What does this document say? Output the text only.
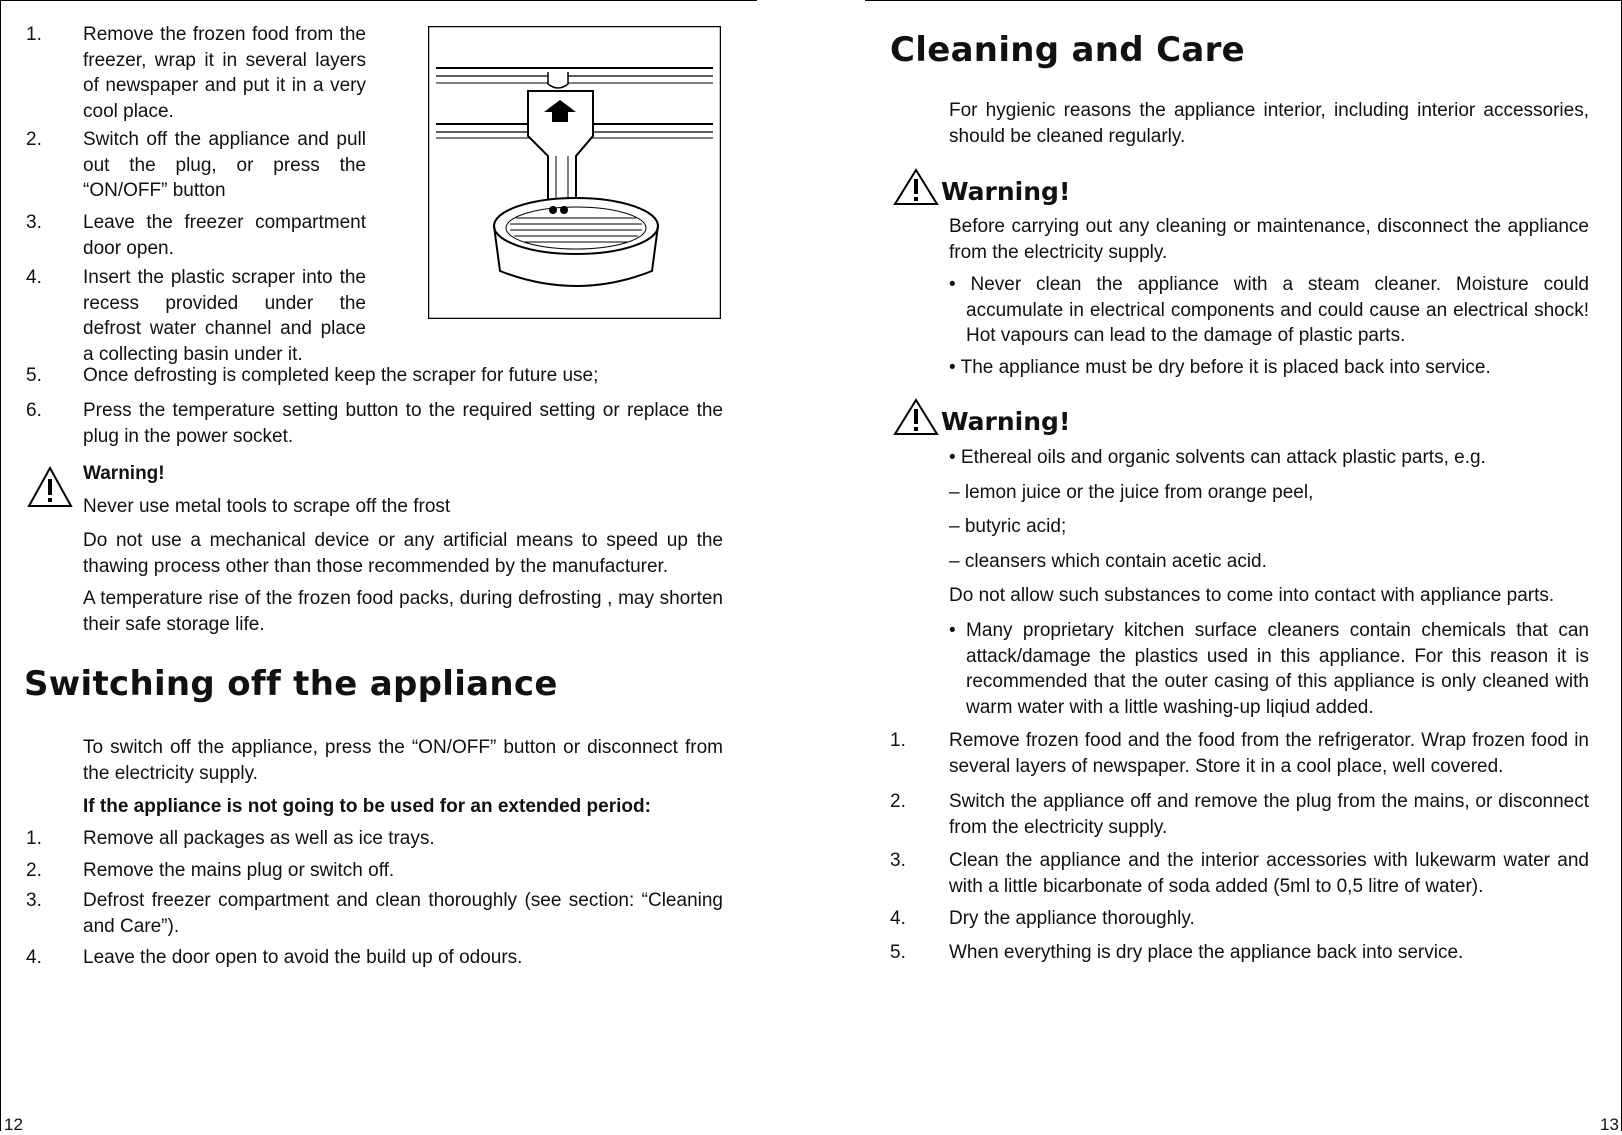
1. Remove the frozen food from the freezer, wrap it in several layers of newspaper and put it in a very cool place.
2. Switch off the appliance and pull out the plug, or press the “ON/OFF” button
3. Leave the freezer compartment door open.
4. Insert the plastic scraper into the recess provided under the defrost water channel and place a collecting basin under it.
5. Once defrosting is completed keep the scraper for future use;
6. Press the temperature setting button to the required setting or replace the plug in the power socket.
Warning!
Never use metal tools to scrape off the frost
Do not use a mechanical device or any artificial means to speed up the thawing process other than those recommended by the manufacturer.
A temperature rise of the frozen food packs, during defrosting , may shorten their safe storage life.
Switching off the appliance
To switch off the appliance, press the “ON/OFF” button or disconnect from the electricity supply.
If the appliance is not going to be used for an extended period:
1. Remove all packages as well as ice trays.
2. Remove the mains plug or switch off.
3. Defrost freezer compartment and clean thoroughly (see section: “Cleaning and Care”).
4. Leave the door open to avoid the build up of odours.
12
Cleaning and Care
For hygienic reasons the appliance interior, including interior accessories, should be cleaned regularly.
Warning!
Before carrying out any cleaning or maintenance, disconnect the appliance from the electricity supply.
• Never clean the appliance with a steam cleaner. Moisture could accumulate in electrical components and could cause an electrical shock! Hot vapours can lead to the damage of plastic parts.
• The appliance must be dry before it is placed back into service.
Warning!
• Ethereal oils and organic solvents can attack plastic parts, e.g.
– lemon juice or the juice from orange peel,
– butyric acid;
– cleansers which contain acetic acid.
Do not allow such substances to come into contact with appliance parts.
• Many proprietary kitchen surface cleaners contain chemicals that can attack/damage the plastics used in this appliance. For this reason it is recommended that the outer casing of this appliance is only cleaned with warm water with a little washing-up liqiud added.
1. Remove frozen food and the food from the refrigerator. Wrap frozen food in several layers of newspaper. Store it in a cool place, well covered.
2. Switch the appliance off and remove the plug from the mains, or disconnect from the electricity supply.
3. Clean the appliance and the interior accessories with lukewarm water and with a little bicarbonate of soda added (5ml to 0,5 litre of water).
4. Dry the appliance thoroughly.
5. When everything is dry place the appliance back into service.
13
